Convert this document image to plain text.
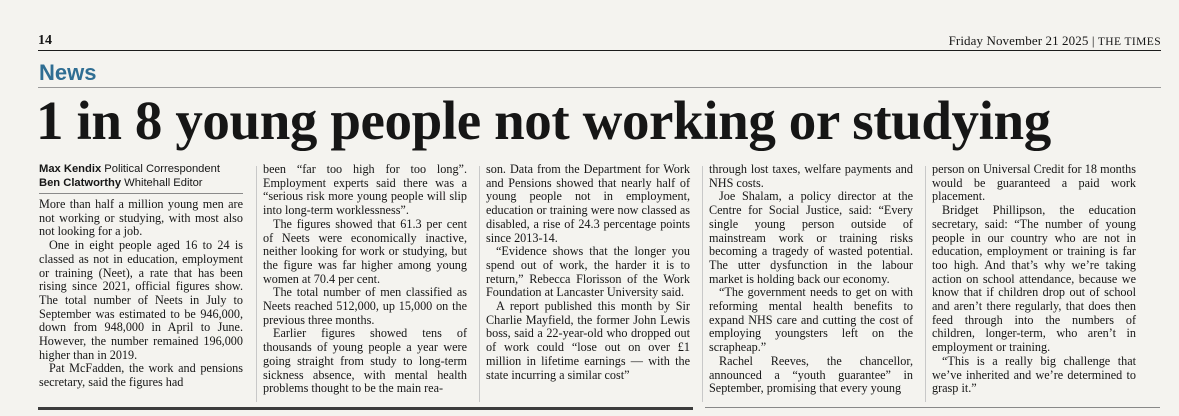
14	Friday November 21 2025 | THE TIMES
News
1 in 8 young people not working or studying
Max Kendix Political Correspondent
Ben Clatworthy Whitehall Editor

More than half a million young men are not working or studying, with most also not looking for a job.

One in eight people aged 16 to 24 is classed as not in education, employment or training (Neet), a rate that has been rising since 2021, official figures show. The total number of Neets in July to September was estimated to be 946,000, down from 948,000 in April to June. However, the number remained 196,000 higher than in 2019.

Pat McFadden, the work and pensions secretary, said the figures had

been “far too high for too long”. Employment experts said there was a “serious risk more young people will slip into long-term worklessness”.

The figures showed that 61.3 per cent of Neets were economically inactive, neither looking for work or studying, but the figure was far higher among young women at 70.4 per cent.

The total number of men classified as Neets reached 512,000, up 15,000 on the previous three months.

Earlier figures showed tens of thousands of young people a year were going straight from study to long-term sickness absence, with mental health problems thought to be the main rea-

son. Data from the Department for Work and Pensions showed that nearly half of young people not in employment, education or training were now classed as disabled, a rise of 24.3 percentage points since 2013-14.

“Evidence shows that the longer you spend out of work, the harder it is to return,” Rebecca Florisson of the Work Foundation at Lancaster University said.

A report published this month by Sir Charlie Mayfield, the former John Lewis boss, said a 22-year-old who dropped out of work could “lose out on over £1 million in lifetime earnings — with the state incurring a similar cost”

through lost taxes, welfare payments and NHS costs.

Joe Shalam, a policy director at the Centre for Social Justice, said: “Every single young person outside of mainstream work or training risks becoming a tragedy of wasted potential. The utter dysfunction in the labour market is holding back our economy.

“The government needs to get on with reforming mental health benefits to expand NHS care and cutting the cost of employing youngsters left on the scrapheap.”

Rachel Reeves, the chancellor, announced a “youth guarantee” in September, promising that every young

person on Universal Credit for 18 months would be guaranteed a paid work placement.

Bridget Phillipson, the education secretary, said: “The number of young people in our country who are not in education, employment or training is far too high. And that’s why we’re taking action on school attendance, because we know that if children drop out of school and aren’t there regularly, that does then feed through into the numbers of children, longer-term, who aren’t in employment or training.

“This is a really big challenge that we’ve inherited and we’re determined to grasp it.”
